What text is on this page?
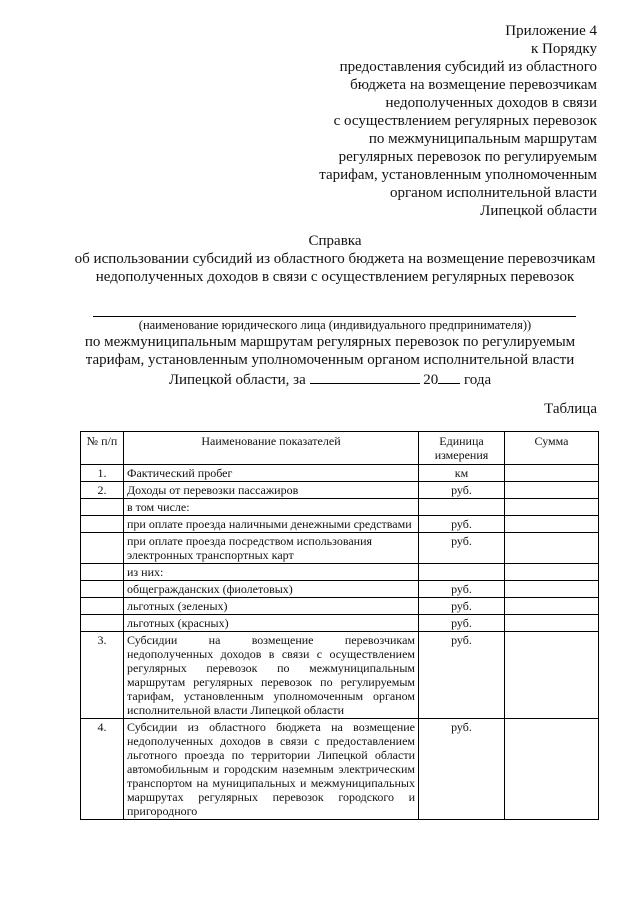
Приложение 4
к Порядку
предоставления субсидий из областного
бюджета на возмещение перевозчикам
недополученных доходов в связи
с осуществлением регулярных перевозок
по межмуниципальным маршрутам
регулярных перевозок по регулируемым
тарифам, установленным уполномоченным
органом исполнительной власти
Липецкой области
Справка
об использовании субсидий из областного бюджета на возмещение перевозчикам недополученных доходов в связи с осуществлением регулярных перевозок
(наименование юридического лица (индивидуального предпринимателя))
по межмуниципальным маршрутам регулярных перевозок по регулируемым
тарифам, установленным уполномоченным органом исполнительной власти
Липецкой области, за	20 года
Таблица
№ п/п	Наименование показателей	Единица измерения	Сумма
1.	Фактический пробег	км	
2.	Доходы от перевозки пассажиров	руб.	
	в том числе:		
	при оплате проезда наличными денежными средствами	руб.	
	при оплате проезда посредством использования электронных транспортных карт	руб.	
	из них:		
	общегражданских (фиолетовых)	руб.	
	льготных (зеленых)	руб.	
	льготных (красных)	руб.	
3.	Субсидии на возмещение перевозчикам недополученных доходов в связи с осуществлением регулярных перевозок по межмуниципальным маршрутам регулярных перевозок по регулируемым тарифам, установленным уполномоченным органом исполнительной власти Липецкой области	руб.	
4.	Субсидии из областного бюджета на возмещение недополученных доходов в связи с предоставлением льготного проезда по территории Липецкой области автомобильным и городским наземным электрическим транспортом на муниципальных и межмуниципальных маршрутах регулярных перевозок городского и пригородного	руб.	
